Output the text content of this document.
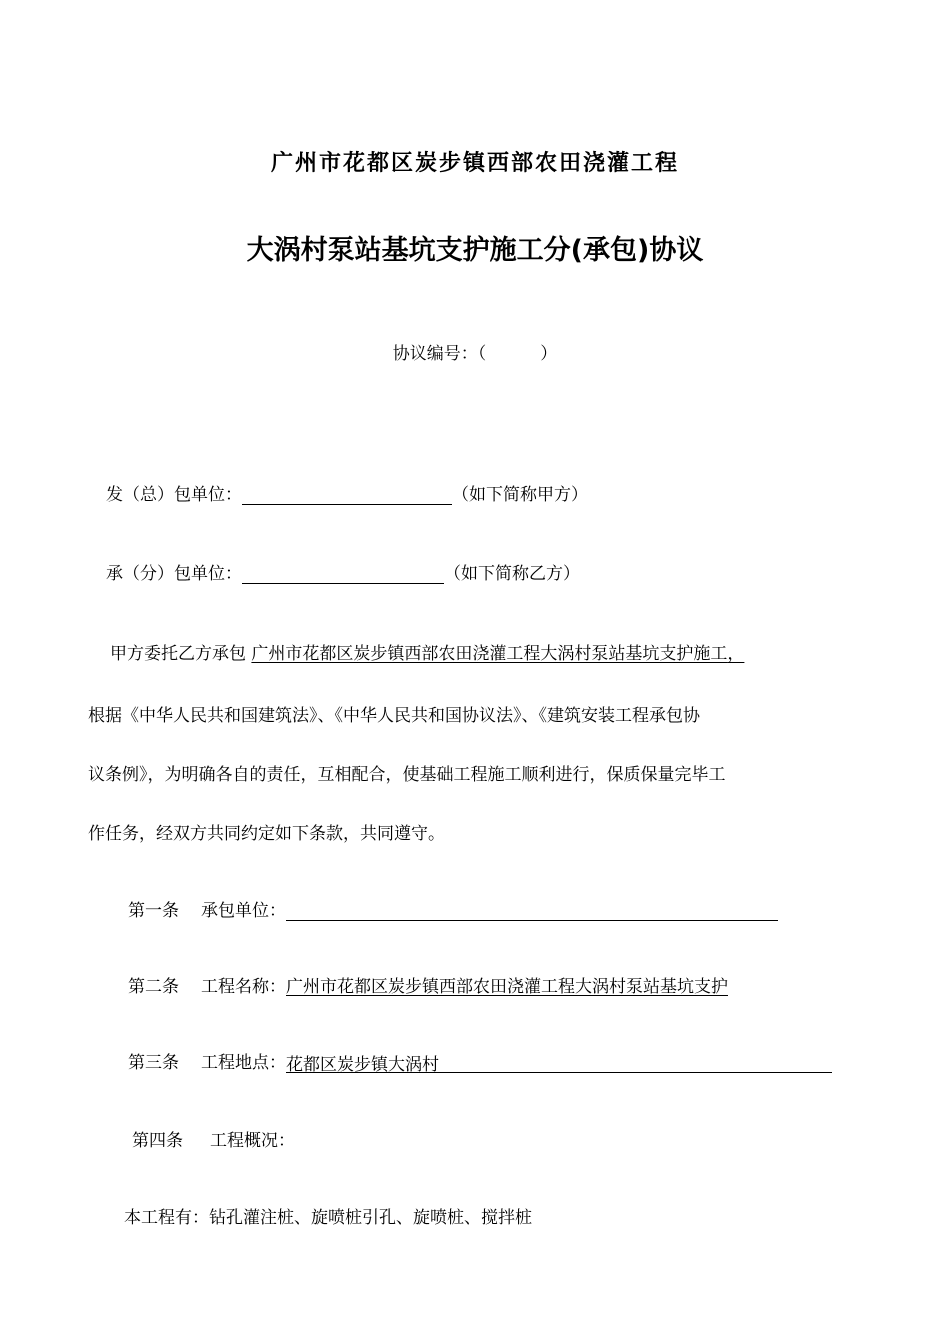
广州市花都区炭步镇西部农田浇灌工程
大涡村泵站基坑支护施工分(承包)协议
协议编号：（	）
发（总）包单位：	（如下简称甲方）
承（分）包单位：	（如下简称乙方）
甲方委托乙方承包 广州市花都区炭步镇西部农田浇灌工程大涡村泵站基坑支护施工，
根据《中华人民共和国建筑法》、《中华人民共和国协议法》、《建筑安装工程承包协
议条例》，为明确各自的责任，互相配合，使基础工程施工顺利进行，保质保量完毕工
作任务，经双方共同约定如下条款，共同遵守。
第一条 承包单位：
第二条 工程名称：广州市花都区炭步镇西部农田浇灌工程大涡村泵站基坑支护
第三条 工程地点：花都区炭步镇大涡村
第四条 工程概况：
本工程有：钻孔灌注桩、旋喷桩引孔、旋喷桩、搅拌桩
